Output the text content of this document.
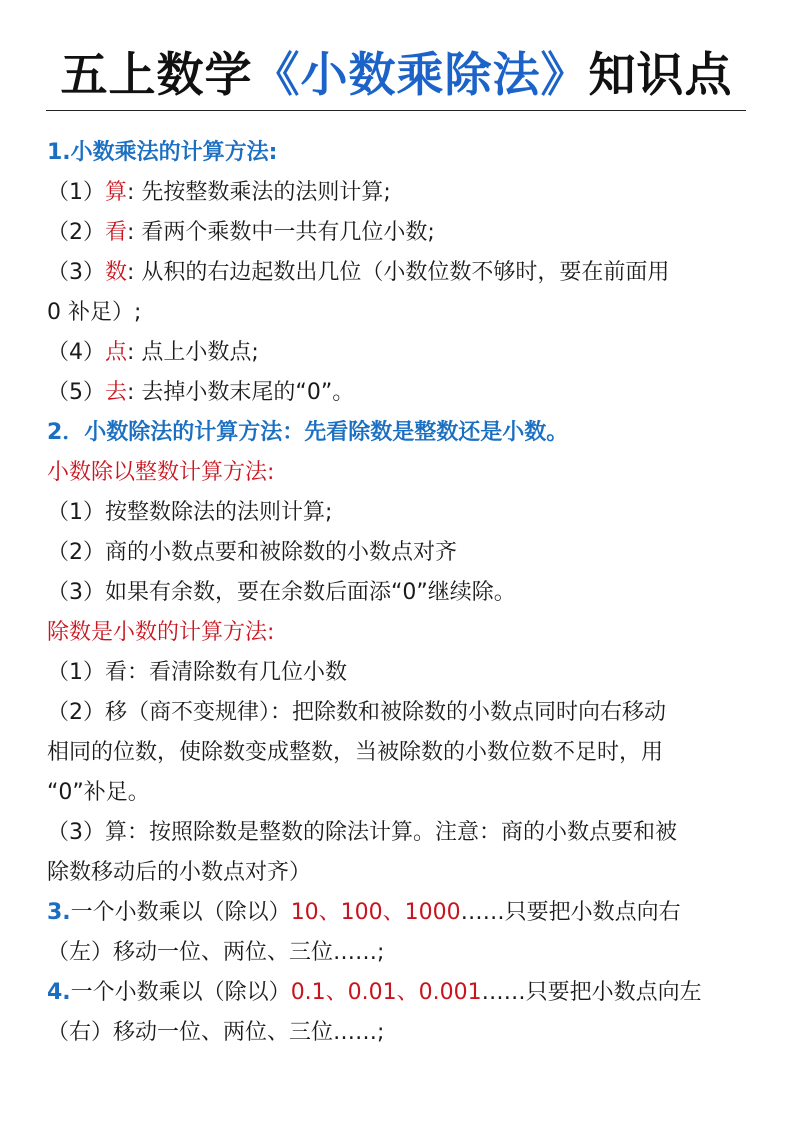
五上数学《小数乘除法》知识点
1.小数乘法的计算方法:
（1）算: 先按整数乘法的法则计算;
（2）看: 看两个乘数中一共有几位小数;
（3）数: 从积的右边起数出几位（小数位数不够时，要在前面用
0 补足）;
（4）点: 点上小数点;
（5）去: 去掉小数末尾的“0”。
2．小数除法的计算方法：先看除数是整数还是小数。
小数除以整数计算方法:
（1）按整数除法的法则计算;
（2）商的小数点要和被除数的小数点对齐
（3）如果有余数，要在余数后面添“0”继续除。
除数是小数的计算方法:
（1）看：看清除数有几位小数
（2）移（商不变规律）：把除数和被除数的小数点同时向右移动
相同的位数，使除数变成整数，当被除数的小数位数不足时，用
“0”补足。
（3）算：按照除数是整数的除法计算。注意：商的小数点要和被
除数移动后的小数点对齐）
3.一个小数乘以（除以）10、100、1000……只要把小数点向右
（左）移动一位、两位、三位……;
4.一个小数乘以（除以）0.1、0.01、0.001……只要把小数点向左
（右）移动一位、两位、三位……;
